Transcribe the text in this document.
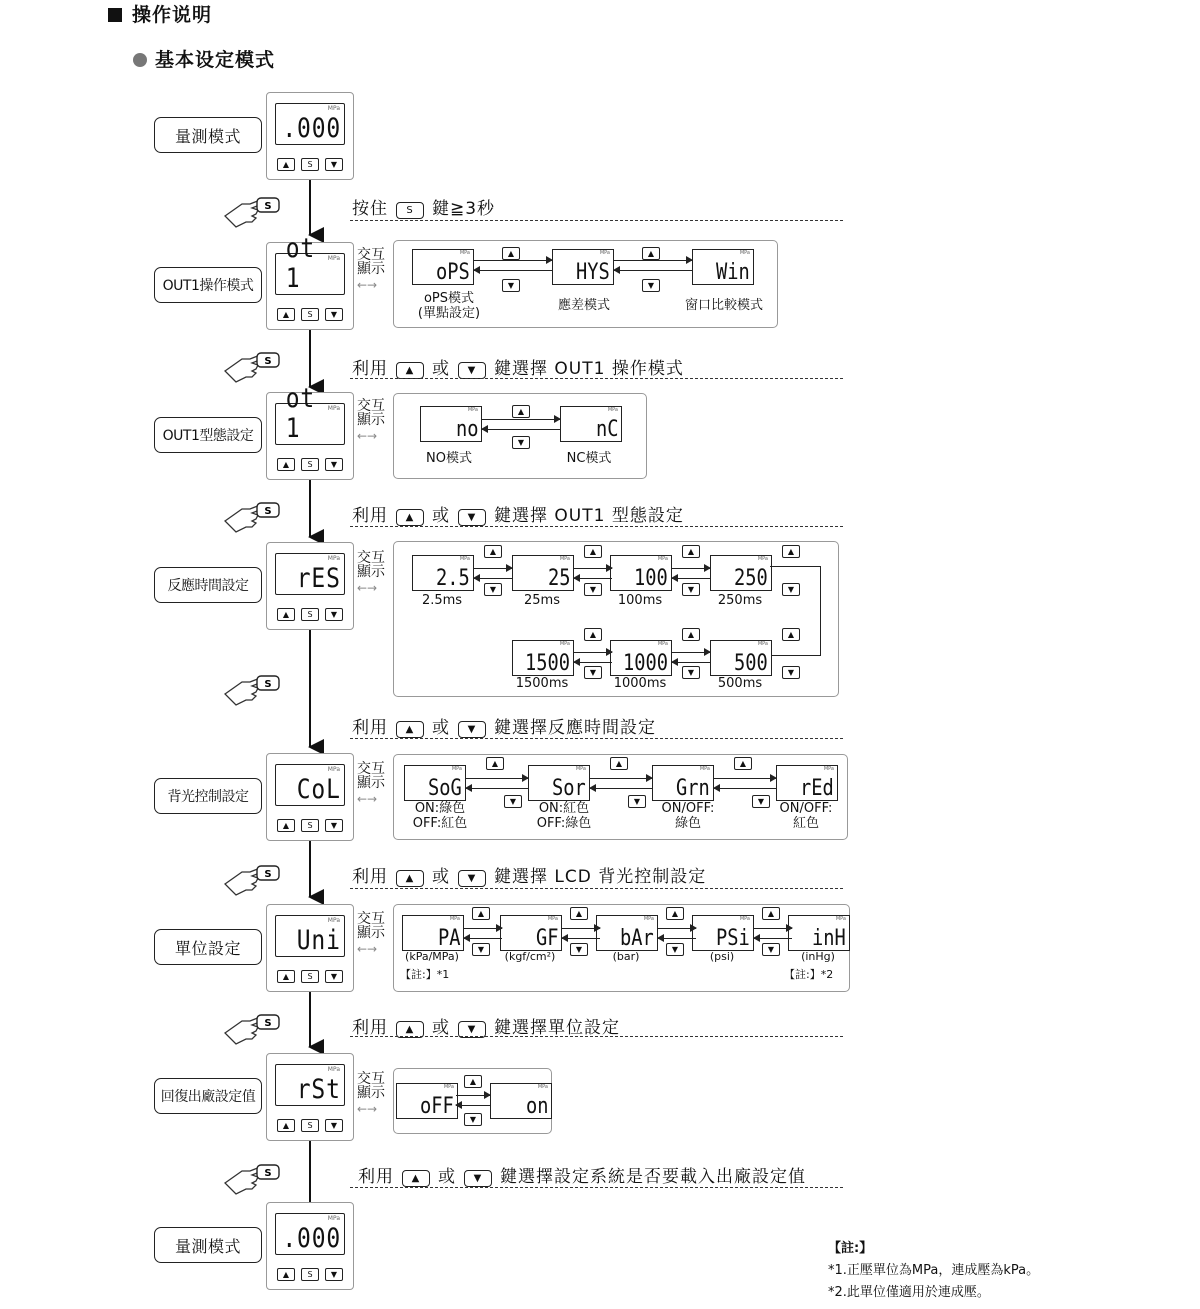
操作说明
基本设定模式
量測模式
MPa
.000
▲	S	▼
OUT1操作模式
MPa
ot 1
▲	S	▼
OUT1型態設定
MPa
ot 1
▲	S	▼
反應時間設定
MPa
rES
▲	S	▼
背光控制設定
MPa
CoL
▲	S	▼
單位設定
MPa
Uni
▲	S	▼
回復出廠設定值
MPa
rSt
▲	S	▼
量測模式
MPa
.000
▲	S	▼
S
S
S
S
S
S
S
按住 S 鍵≧3秒
利用 ▲ 或 ▼ 鍵選擇 OUT1 操作模式
利用 ▲ 或 ▼ 鍵選擇 OUT1 型態設定
利用 ▲ 或 ▼ 鍵選擇反應時間設定
利用 ▲ 或 ▼ 鍵選擇 LCD 背光控制設定
利用 ▲ 或 ▼ 鍵選擇單位設定
利用 ▲ 或 ▼ 鍵選擇設定系統是否要載入出廠設定值
交互
顯示
←→
交互
顯示
←→
交互
顯示
←→
交互
顯示
←→
交互
顯示
←→
交互
顯示
←→
MPa
oPS
MPa
HYS
MPa
Win
▲
▼
▲
▼
oPS模式
(單點設定)
應差模式	窗口比較模式
MPa
no
MPa
nC
▲
▼
NO模式	NC模式
MPa
2.5
MPa
25
MPa
100
MPa
250
▲
▼
▲
▼
▲
▼
▲
▼
2.5ms	25ms	100ms	250ms
MPa
1500
MPa
1000
MPa
500
▲
▼
▲
▼
▲
▼
1500ms	1000ms	500ms
MPa
SoG
MPa
Sor
MPa
Grn
MPa
rEd
▲
▼
▲
▼
▲
▼
ON:綠色
OFF:紅色
ON:紅色
OFF:綠色
ON/OFF:
綠色
ON/OFF:
紅色
MPa
PA
MPa
GF
MPa
bAr
MPa
PSi
MPa
inH
▲
▼
▲
▼
▲
▼
▲
▼
(kPa/MPa)	(kgf/cm²)	(bar)	(psi)	(inHg)
【註:】*1	【註:】*2
MPa
oFF
MPa
on
▲
▼
【註:】
*1.正壓單位為MPa，連成壓為kPa。
*2.此單位僅適用於連成壓。
